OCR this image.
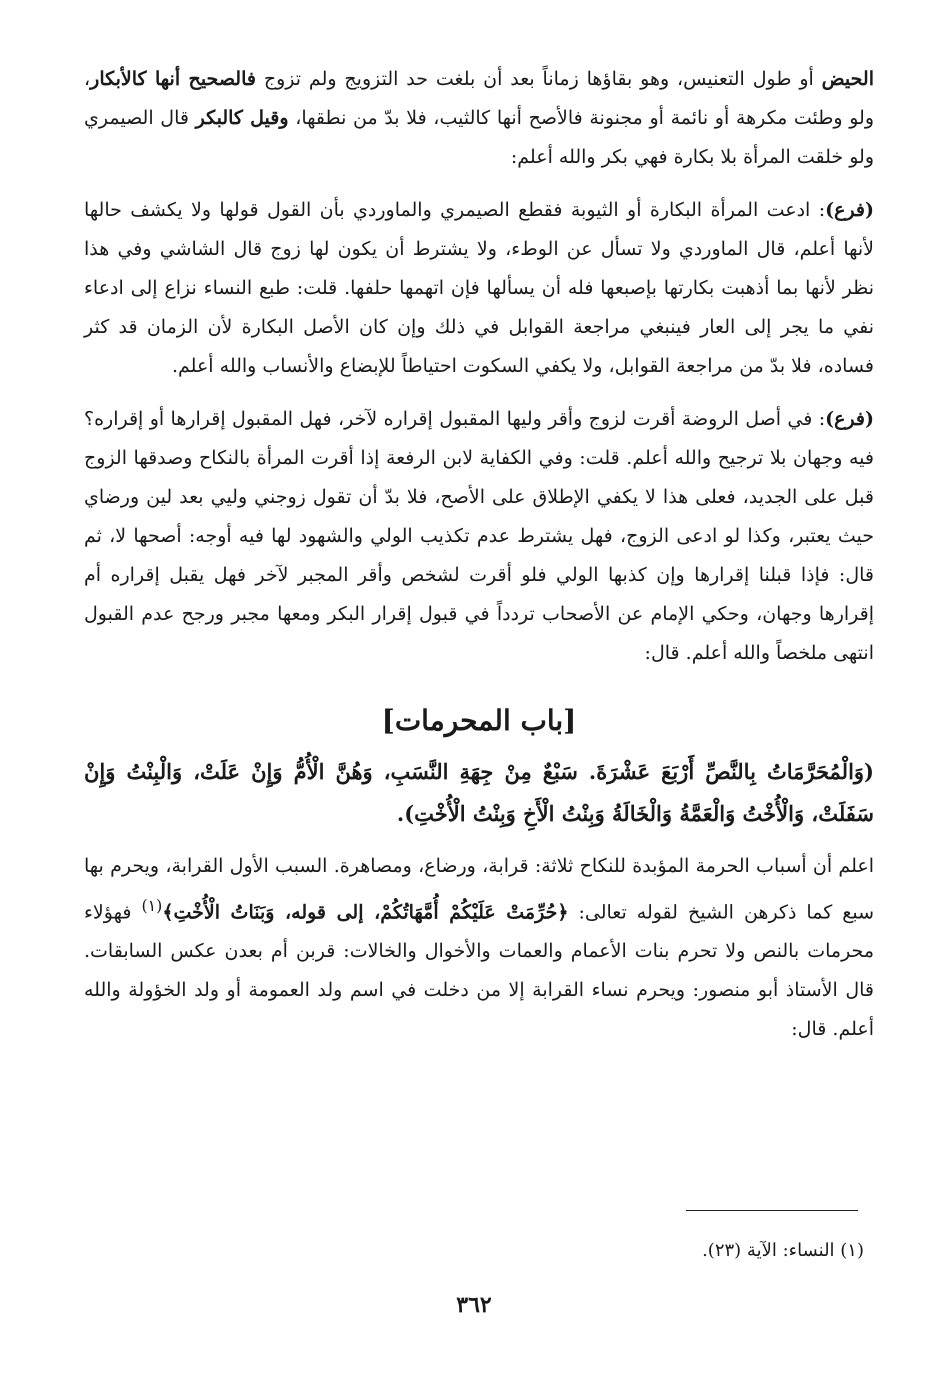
الحيض أو طول التعنيس، وهو بقاؤها زماناً بعد أن بلغت حد التزويج ولم تزوج فالصحيح أنها كالأبكار، ولو وطئت مكرهة أو نائمة أو مجنونة فالأصح أنها كالثيب، فلا بدّ من نطقها، وقيل كالبكر قال الصيمري ولو خلقت المرأة بلا بكارة فهي بكر والله أعلم:

(فرع): ادعت المرأة البكارة أو الثيوبة فقطع الصيمري والماوردي بأن القول قولها ولا يكشف حالها لأنها أعلم، قال الماوردي ولا تسأل عن الوطء، ولا يشترط أن يكون لها زوج قال الشاشي وفي هذا نظر لأنها بما أذهبت بكارتها بإصبعها فله أن يسألها فإن اتهمها حلفها. قلت: طبع النساء نزاع إلى ادعاء نفي ما يجر إلى العار فينبغي مراجعة القوابل في ذلك وإن كان الأصل البكارة لأن الزمان قد كثر فساده، فلا بدّ من مراجعة القوابل، ولا يكفي السكوت احتياطاً للإبضاع والأنساب والله أعلم.

(فرع): في أصل الروضة أقرت لزوج وأقر وليها المقبول إقراره لآخر، فهل المقبول إقرارها أو إقراره؟ فيه وجهان بلا ترجيح والله أعلم. قلت: وفي الكفاية لابن الرفعة إذا أقرت المرأة بالنكاح وصدقها الزوج قبل على الجديد، فعلى هذا لا يكفي الإطلاق على الأصح، فلا بدّ أن تقول زوجني وليي بعد لين ورضاي حيث يعتبر، وكذا لو ادعى الزوج، فهل يشترط عدم تكذيب الولي والشهود لها فيه أوجه: أصحها لا، ثم قال: فإذا قبلنا إقرارها وإن كذبها الولي فلو أقرت لشخص وأقر المجبر لآخر فهل يقبل إقراره أم إقرارها وجهان، وحكي الإمام عن الأصحاب تردداً في قبول إقرار البكر ومعها مجبر ورجح عدم القبول انتهى ملخصاً والله أعلم. قال:

[باب المحرمات]

(وَالْمُحَرَّمَاتُ بِالنَّصِّ أَرْبَعَ عَشْرَةَ. سَبْعٌ مِنْ جِهَةِ النَّسَبِ، وَهُنَّ الْأُمُّ وَإِنْ عَلَتْ، وَالْبِنْتُ وَإِنْ سَفَلَتْ، وَالْأُخْتُ وَالْعَمَّةُ وَالْخَالَةُ وَبِنْتُ الْأَخِ وَبِنْتُ الْأُخْتِ).

اعلم أن أسباب الحرمة المؤبدة للنكاح ثلاثة: قرابة، ورضاع، ومصاهرة. السبب الأول القرابة، ويحرم بها سبع كما ذكرهن الشيخ لقوله تعالى: ﴿حُرِّمَتْ عَلَيْكُمْ أُمَّهَاتُكُمْ، إلى قوله، وَبَنَاتُ الْأُخْتِ﴾$^{(١)}$ فهؤلاء محرمات بالنص ولا تحرم بنات الأعمام والعمات والأخوال والخالات: قربن أم بعدن عكس السابقات. قال الأستاذ أبو منصور: ويحرم نساء القرابة إلا من دخلت في اسم ولد العمومة أو ولد الخؤولة والله أعلم. قال:

(١) النساء: الآية (٢٣).
٣٦٢
